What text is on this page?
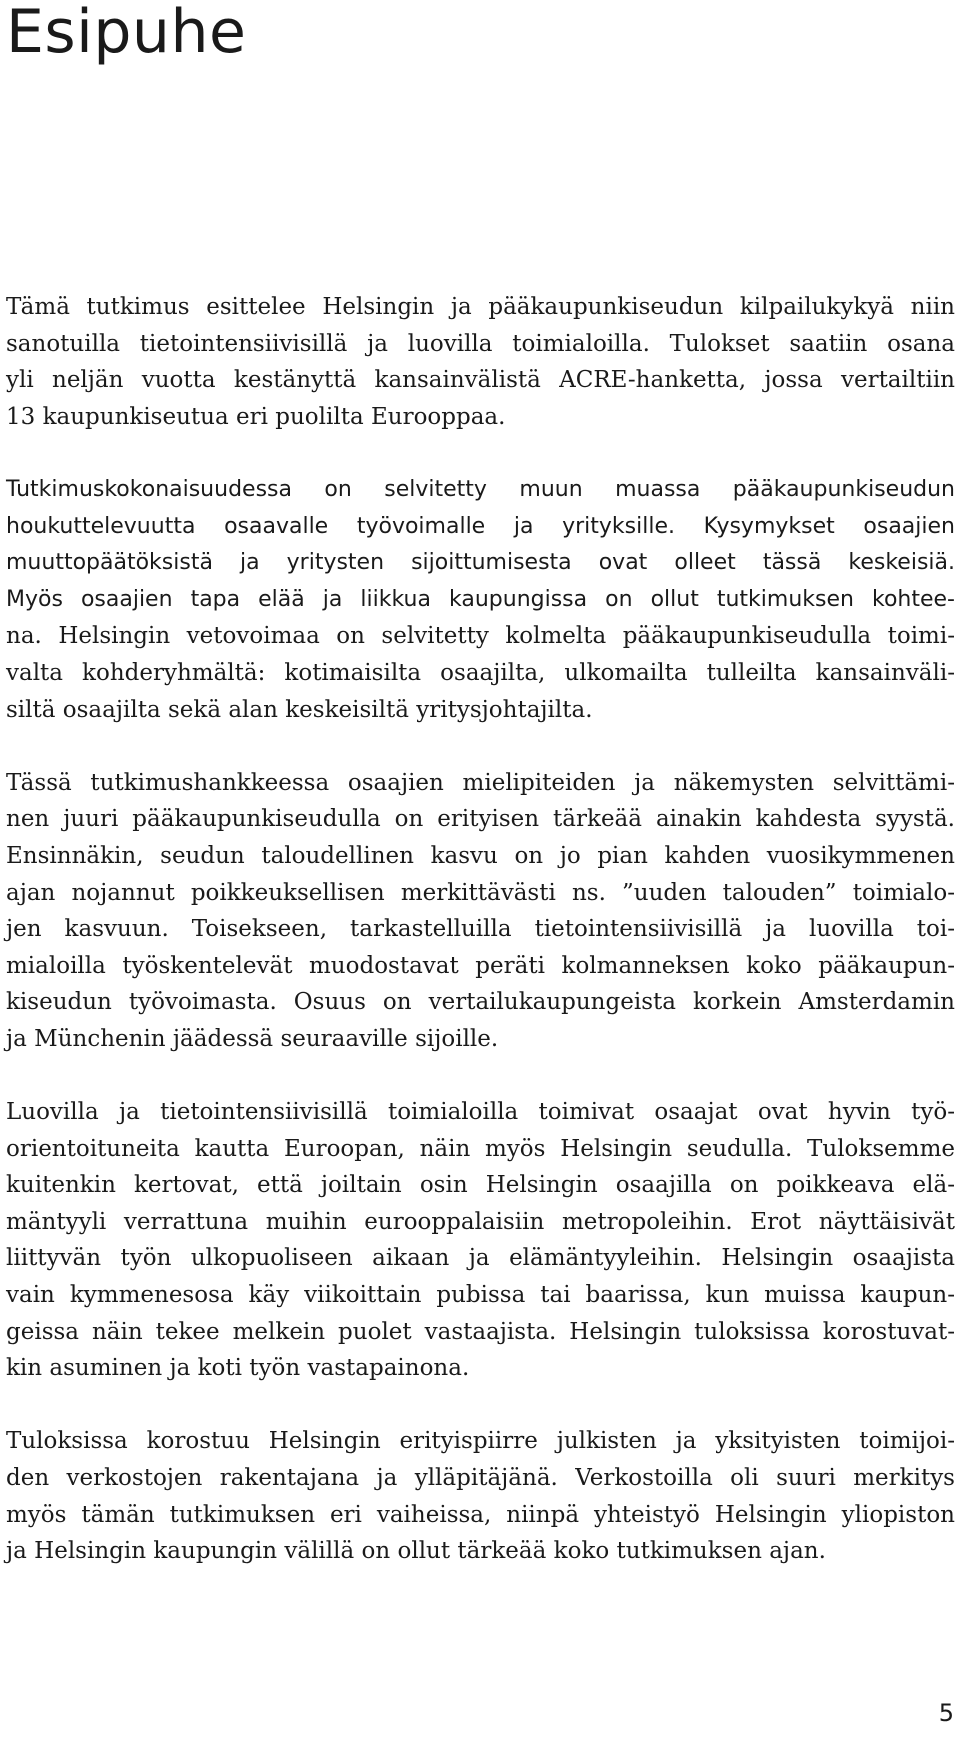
Esipuhe

Tämä tutkimus esittelee Helsingin ja pääkaupunkiseudun kilpailukykyä niin

sanotuilla tietointensiivisillä ja luovilla toimialoilla. Tulokset saatiin osana

yli neljän vuotta kestänyttä kansainvälistä ACRE-hanketta, jossa vertailtiin

13 kaupunkiseutua eri puolilta Eurooppaa.

Tutkimuskokonaisuudessa on selvitetty muun muassa pääkaupunkiseudun

houkuttelevuutta osaavalle työvoimalle ja yrityksille. Kysymykset osaajien

muuttopäätöksistä ja yritysten sijoittumisesta ovat olleet tässä keskeisiä.

Myös osaajien tapa elää ja liikkua kaupungissa on ollut tutkimuksen kohtee-

na. Helsingin vetovoimaa on selvitetty kolmelta pääkaupunkiseudulla toimi-

valta kohderyhmältä: kotimaisilta osaajilta, ulkomailta tulleilta kansainväli-

siltä osaajilta sekä alan keskeisiltä yritysjohtajilta.

Tässä tutkimushankkeessa osaajien mielipiteiden ja näkemysten selvittämi-

nen juuri pääkaupunkiseudulla on erityisen tärkeää ainakin kahdesta syystä.

Ensinnäkin, seudun taloudellinen kasvu on jo pian kahden vuosikymmenen

ajan nojannut poikkeuksellisen merkittävästi ns. ”uuden talouden” toimialo-

jen kasvuun. Toisekseen, tarkastelluilla tietointensiivisillä ja luovilla toi-

mialoilla työskentelevät muodostavat peräti kolmanneksen koko pääkaupun-

kiseudun työvoimasta. Osuus on vertailukaupungeista korkein Amsterdamin

ja Münchenin jäädessä seuraaville sijoille.

Luovilla ja tietointensiivisillä toimialoilla toimivat osaajat ovat hyvin työ-

orientoituneita kautta Euroopan, näin myös Helsingin seudulla. Tuloksemme

kuitenkin kertovat, että joiltain osin Helsingin osaajilla on poikkeava elä-

mäntyyli verrattuna muihin eurooppalaisiin metropoleihin. Erot näyttäisivät

liittyvän työn ulkopuoliseen aikaan ja elämäntyyleihin. Helsingin osaajista

vain kymmenesosa käy viikoittain pubissa tai baarissa, kun muissa kaupun-

geissa näin tekee melkein puolet vastaajista. Helsingin tuloksissa korostuvat-

kin asuminen ja koti työn vastapainona.

Tuloksissa korostuu Helsingin erityispiirre julkisten ja yksityisten toimijoi-

den verkostojen rakentajana ja ylläpitäjänä. Verkostoilla oli suuri merkitys

myös tämän tutkimuksen eri vaiheissa, niinpä yhteistyö Helsingin yliopiston

ja Helsingin kaupungin välillä on ollut tärkeää koko tutkimuksen ajan.

5
